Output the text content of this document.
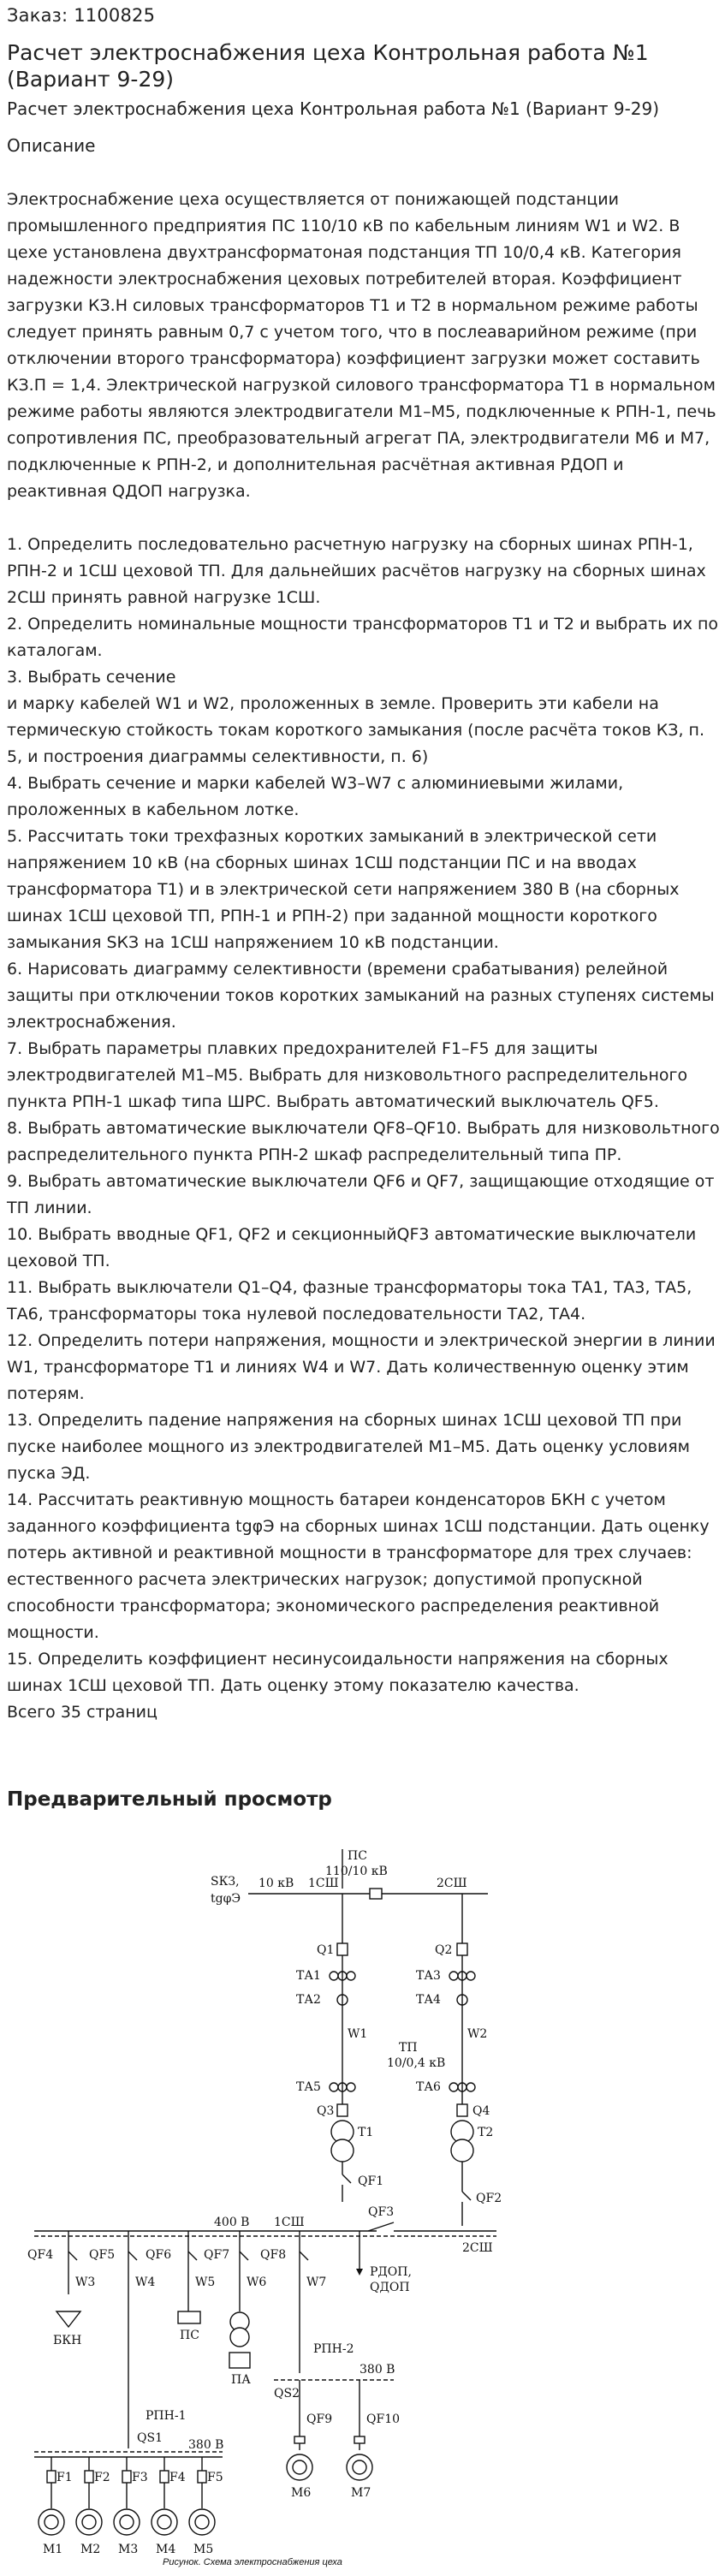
Заказ: 1100825
Расчет электроснабжения цеха Контрольная работа №1 (Вариант 9-29)
Расчет электроснабжения цеха Контрольная работа №1 (Вариант 9-29)
Описание

Электроснабжение цеха осуществляется от понижающей подстанции промышленного предприятия ПС 110/10 кВ по кабельным линиям W1 и W2. В цехе установлена двухтрансформатоная подстанция ТП 10/0,4 кВ. Категория надежности электроснабжения цеховых потребителей вторая. Коэффициент загрузки КЗ.Н силовых трансформаторов Т1 и Т2 в нормальном режиме работы следует принять равным 0,7 с учетом того, что в послеаварийном режиме (при отключении второго трансформатора) коэффициент загрузки может составить КЗ.П = 1,4. Электрической нагрузкой силового трансформатора Т1 в нормальном режиме работы являются электродвигатели М1–М5, подключенные к РПН-1, печь сопротивления ПС, преобразовательный агрегат ПА, электродвигатели М6 и М7, подключенные к РПН-2, и дополнительная расчётная активная РДОП и реактивная QДОП нагрузка.

1. Определить последовательно расчетную нагрузку на сборных шинах РПН-1, РПН-2 и 1СШ цеховой ТП. Для дальнейших расчётов нагрузку на сборных шинах 2СШ принять равной нагрузке 1СШ.

2. Определить номинальные мощности трансформаторов Т1 и Т2 и выбрать их по каталогам.

3. Выбрать сечение

и марку кабелей W1 и W2, проложенных в земле. Проверить эти кабели на термическую стойкость токам короткого замыкания (после расчёта токов КЗ, п. 5, и построения диаграммы селективности, п. 6)

4. Выбрать сечение и марки кабелей W3–W7 с алюминиевыми жилами, проложенных в кабельном лотке.

5. Рассчитать токи трехфазных коротких замыканий в электрической сети напряжением 10 кВ (на сборных шинах 1СШ подстанции ПС и на вводах трансформатора Т1) и в электрической сети напряжением 380 В (на сборных шинах 1СШ цеховой ТП, РПН-1 и РПН-2) при заданной мощности короткого замыкания SКЗ на 1СШ напряжением 10 кВ подстанции.

6. Нарисовать диаграмму селективности (времени срабатывания) релейной защиты при отключении токов коротких замыканий на разных ступенях системы электроснабжения.

7. Выбрать параметры плавких предохранителей F1–F5 для защиты электродвигателей М1–М5. Выбрать для низковольтного распределительного пункта РПН-1 шкаф типа ШРС. Выбрать автоматический выключатель QF5.

8. Выбрать автоматические выключатели QF8–QF10. Выбрать для низковольтного распределительного пункта РПН-2 шкаф распределительный типа ПР.

9. Выбрать автоматические выключатели QF6 и QF7, защищающие отходящие от ТП линии.

10. Выбрать вводные QF1, QF2 и секционныйQF3 автоматические выключатели цеховой ТП.

11. Выбрать выключатели Q1–Q4, фазные трансформаторы тока ТА1, ТА3, ТА5, ТА6, трансформаторы тока нулевой последовательности ТА2, ТА4.

12. Определить потери напряжения, мощности и электрической энергии в линии W1, трансформаторе Т1 и линиях W4 и W7. Дать количественную оценку этим потерям.

13. Определить падение напряжения на сборных шинах 1СШ цеховой ТП при пуске наиболее мощного из электродвигателей М1–М5. Дать оценку условиям пуска ЭД.

14. Рассчитать реактивную мощность батареи конденсаторов БКН с учетом заданного коэффициента tgφЭ на сборных шинах 1СШ подстанции. Дать оценку потерь активной и реактивной мощности в трансформаторе для трех случаев: естественного расчета электрических нагрузок; допустимой пропускной способности трансформатора; экономического распределения реактивной мощности.

15. Определить коэффициент несинусоидальности напряжения на сборных шинах 1СШ цеховой ТП. Дать оценку этому показателю качества.

Всего 35 страниц

Предварительный просмотр
ПС
110/10 кВ
SКЗ,
tgφЭ
10 кВ 1СШ	2СШ
Q1
ТА1
ТА2
W1
ТА5
Q3
T1
QF1
ТП
10/0,4 кВ
Q2
ТА3
ТА4
W2
ТА6
Q4
T2
QF2
400 В 1СШ
QF3
2СШ
РДОП,
QДОП
QF4	QF5	QF6	QF7	QF8
W3	W4	W5	W6	W7
БКН	ПС
ПА
РПН-2
QS2
380 В
QF9	QF10
M6	M7
РПН-1
QS1 380 В
F1 F2 F3 F4 F5
M1 M2 M3 M4 M5
Рисунок. Схема электроснабжения цеха
